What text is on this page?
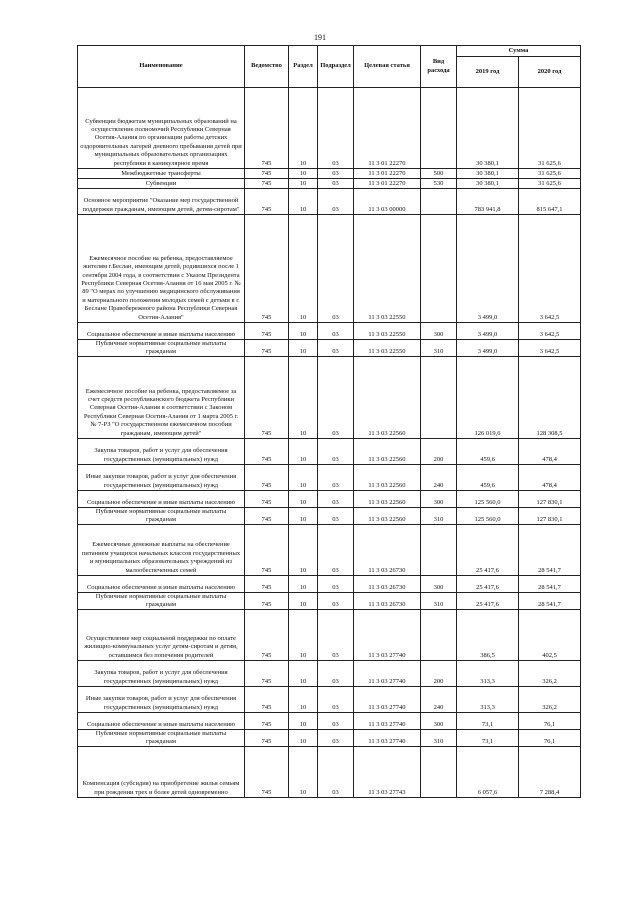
191
Наименование	Ведомство	Раздел	Подраздел	Целевая статья	Вид расхода	Сумма	
						2019 год	2020 год

Субвенции бюджетам муниципальных образований на осуществление полномочий Республики Северная Осетия-Алания по организации работы детских оздоровительных лагерей дневного пребывания детей при муниципальных образовательных организациях республики в каникулярное время	745	10	03	11 3 01 22270		30 380,1	31 625,6

Межбюджетные трансферты	745	10	03	11 3 01 22270	500	30 380,1	31 625,6

Субвенции	745	10	03	11 3 01 22270	530	30 380,1	31 625,6

Основное мероприятие "Оказание мер государственной поддержки гражданам, имеющим детей, детям-сиротам"	745	10	03	11 3 03 00000		783 941,8	815 647,1

Ежемесячное пособие на ребенка, предоставляемое жителям г.Беслан, имеющим детей, родившихся после 1 сентября 2004 года, в соответствии с Указом Президента Республики Северная Осетия-Алания от 16 мая 2005 г. № 89 "О мерах по улучшению медицинского обслуживания и материального положения молодых семей с детьми в г. Беслане Правобережного района Республики Северная Осетия-Алания"	745	10	03	11 3 03 22550		3 499,0	3 642,5

Социальное обеспечение и иные выплаты населению	745	10	03	11 3 03 22550	300	3 499,0	3 642,5

Публичные нормативные социальные выплаты гражданам	745	10	03	11 3 03 22550	310	3 499,0	3 642,5

Ежемесячное пособие на ребенка, предоставляемое за счет средств республиканского бюджета Республики Северная Осетия-Алания в соответствии с Законом Республики Северная Осетия-Алания от 1 марта 2005 г. № 7-РЗ "О государственном ежемесячном пособии гражданам, имеющим детей"	745	10	03	11 3 03 22560		126 019,6	128 308,5

Закупка товаров, работ и услуг для обеспечения государственных (муниципальных) нужд	745	10	03	11 3 03 22560	200	459,6	478,4

Иные закупки товаров, работ и услуг для обеспечения государственных (муниципальных) нужд	745	10	03	11 3 03 22560	240	459,6	478,4

Социальное обеспечение и иные выплаты населению	745	10	03	11 3 03 22560	300	125 560,0	127 830,1

Публичные нормативные социальные выплаты гражданам	745	10	03	11 3 03 22560	310	125 560,0	127 830,1

Ежемесячные денежные выплаты на обеспечение питанием учащихся начальных классов государственных и муниципальных образовательных учреждений из малообеспеченных семей	745	10	03	11 3 03 26730		25 417,6	28 541,7

Социальное обеспечение и иные выплаты населению	745	10	03	11 3 03 26730	300	25 417,6	28 541,7

Публичные нормативные социальные выплаты гражданам	745	10	03	11 3 03 26730	310	25 417,6	28 541,7

Осуществление мер социальной поддержки по оплате жилищно-коммунальных услуг детям-сиротам и детям, оставшимся без попечения родителей	745	10	03	11 3 03 27740		386,5	402,5

Закупка товаров, работ и услуг для обеспечения государственных (муниципальных) нужд	745	10	03	11 3 03 27740	200	313,3	326,2

Иные закупки товаров, работ и услуг для обеспечения государственных (муниципальных) нужд	745	10	03	11 3 03 27740	240	313,3	326,2

Социальное обеспечение и иные выплаты населению	745	10	03	11 3 03 27740	300	73,1	76,1

Публичные нормативные социальные выплаты гражданам	745	10	03	11 3 03 27740	310	73,1	76,1

Компенсация (субсидия) на приобретение жилья семьям при рождении трех и более детей одновременно	745	10	03	11 3 03 27743		6 057,6	7 288,4
